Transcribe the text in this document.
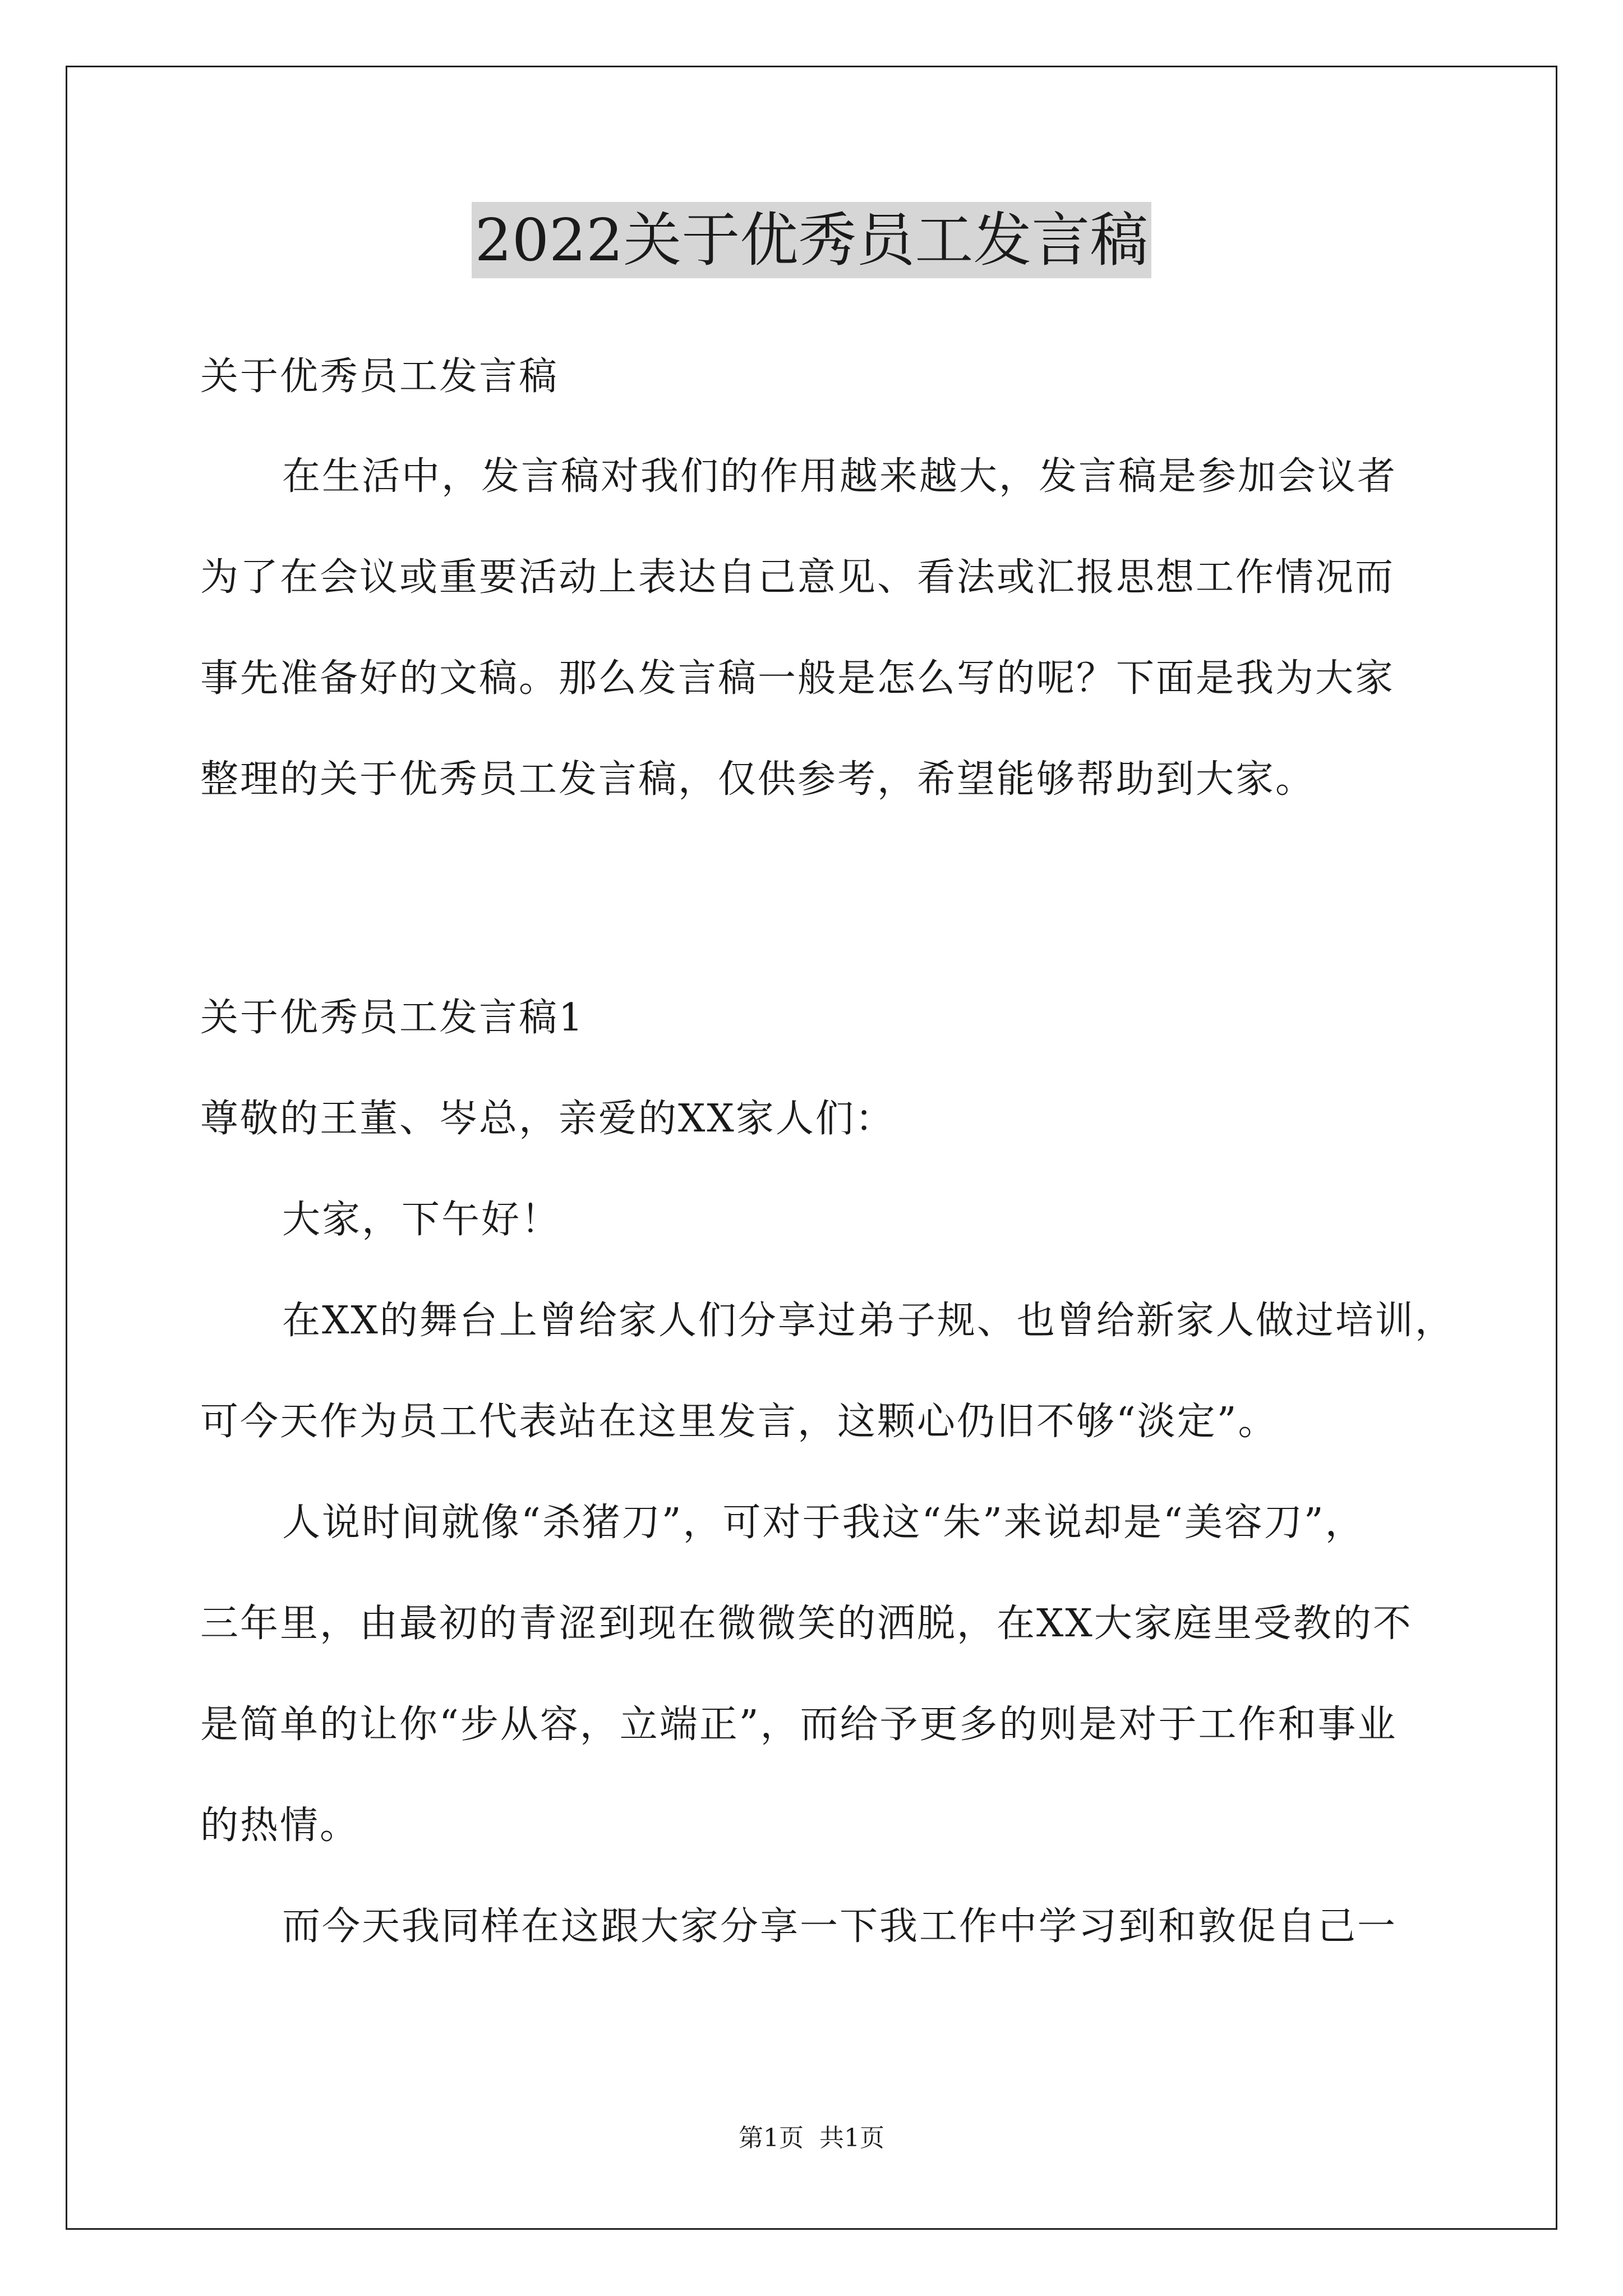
2022关于优秀员工发言稿
关于优秀员工发言稿
在生活中，发言稿对我们的作用越来越大，发言稿是参加会议者
为了在会议或重要活动上表达自己意见、看法或汇报思想工作情况而
事先准备好的文稿。那么发言稿一般是怎么写的呢？下面是我为大家
整理的关于优秀员工发言稿，仅供参考，希望能够帮助到大家。
关于优秀员工发言稿1
尊敬的王董、岑总，亲爱的XX家人们：
大家，下午好！
在XX的舞台上曾给家人们分享过弟子规、也曾给新家人做过培训，
可今天作为员工代表站在这里发言，这颗心仍旧不够“淡定”。
人说时间就像“杀猪刀”，可对于我这“朱”来说却是“美容刀”，
三年里，由最初的青涩到现在微微笑的洒脱，在XX大家庭里受教的不
是简单的让你“步从容，立端正”，而给予更多的则是对于工作和事业
的热情。
而今天我同样在这跟大家分享一下我工作中学习到和敦促自己一
第1页 共1页
